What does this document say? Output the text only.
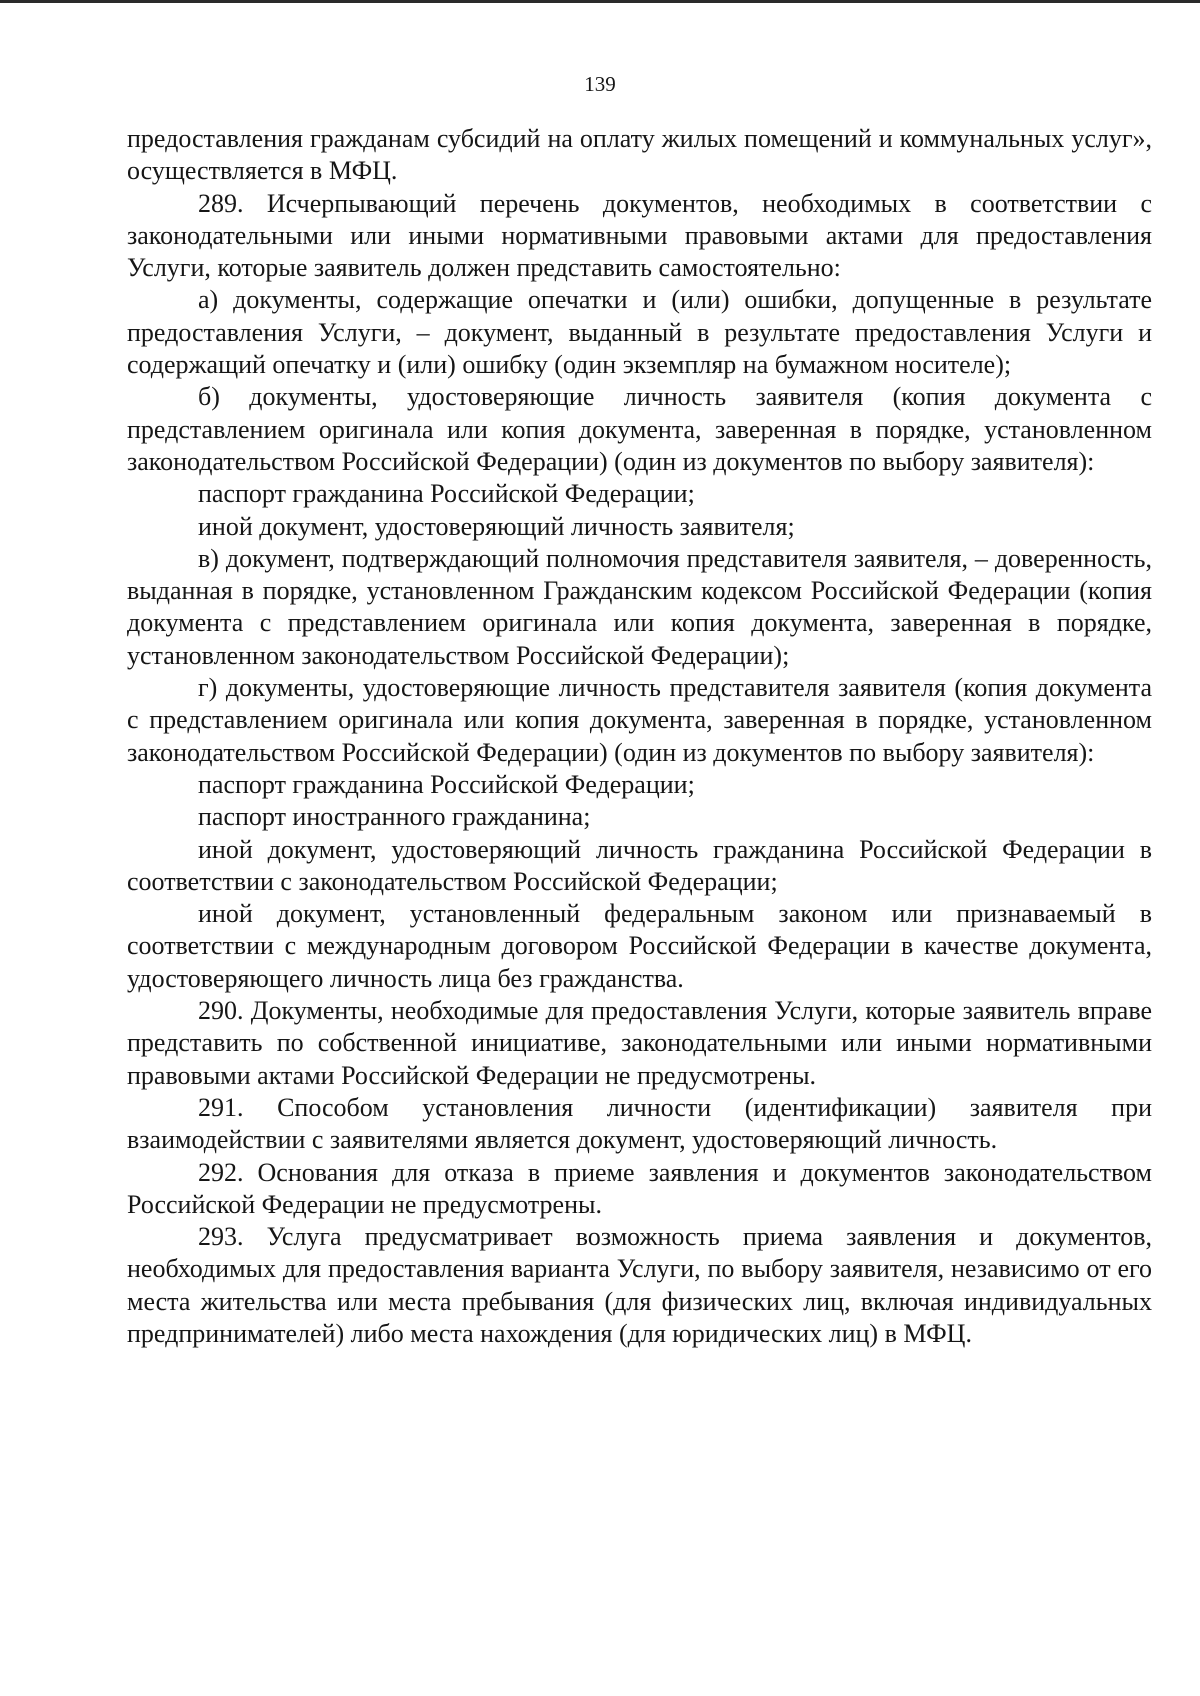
139

предоставления гражданам субсидий на оплату жилых помещений и коммунальных услуг», осуществляется в МФЦ.

289. Исчерпывающий перечень документов, необходимых в соответствии с законодательными или иными нормативными правовыми актами для предоставления Услуги, которые заявитель должен представить самостоятельно:

а) документы, содержащие опечатки и (или) ошибки, допущенные в результате предоставления Услуги, – документ, выданный в результате предоставления Услуги и содержащий опечатку и (или) ошибку (один экземпляр на бумажном носителе);

б) документы, удостоверяющие личность заявителя (копия документа с представлением оригинала или копия документа, заверенная в порядке, установленном законодательством Российской Федерации) (один из документов по выбору заявителя):

паспорт гражданина Российской Федерации;

иной документ, удостоверяющий личность заявителя;

в) документ, подтверждающий полномочия представителя заявителя, – доверенность, выданная в порядке, установленном Гражданским кодексом Российской Федерации (копия документа с представлением оригинала или копия документа, заверенная в порядке, установленном законодательством Российской Федерации);

г) документы, удостоверяющие личность представителя заявителя (копия документа с представлением оригинала или копия документа, заверенная в порядке, установленном законодательством Российской Федерации) (один из документов по выбору заявителя):

паспорт гражданина Российской Федерации;

паспорт иностранного гражданина;

иной документ, удостоверяющий личность гражданина Российской Федерации в соответствии с законодательством Российской Федерации;

иной документ, установленный федеральным законом или признаваемый в соответствии с международным договором Российской Федерации в качестве документа, удостоверяющего личность лица без гражданства.

290. Документы, необходимые для предоставления Услуги, которые заявитель вправе представить по собственной инициативе, законодательными или иными нормативными правовыми актами Российской Федерации не предусмотрены.

291. Способом установления личности (идентификации) заявителя при взаимодействии с заявителями является документ, удостоверяющий личность.

292. Основания для отказа в приеме заявления и документов законодательством Российской Федерации не предусмотрены.

293. Услуга предусматривает возможность приема заявления и документов, необходимых для предоставления варианта Услуги, по выбору заявителя, независимо от его места жительства или места пребывания (для физических лиц, включая индивидуальных предпринимателей) либо места нахождения (для юридических лиц) в МФЦ.
